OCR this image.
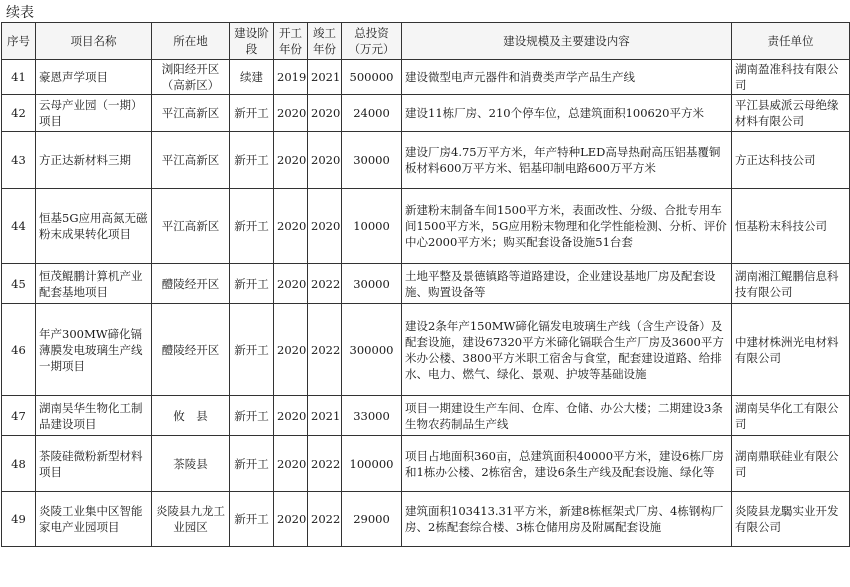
续表
序号	项目名称	所在地	建设阶段	开工年份	竣工年份	总投资（万元）	建设规模及主要建设内容	责任单位
41	豪恩声学项目	浏阳经开区（高新区）	续建	2019	2021	500000	建设微型电声元器件和消费类声学产品生产线	湖南盈准科技有限公司
42	云母产业园（一期）项目	平江高新区	新开工	2020	2020	24000	建设11栋厂房、210个停车位，总建筑面积100620平方米	平江县威派云母绝缘材料有限公司
43	方正达新材料三期	平江高新区	新开工	2020	2020	30000	建设厂房4.75万平方米，年产特种LED高导热耐高压铝基覆铜板材料600万平方米、铝基印制电路600万平方米	方正达科技公司
44	恒基5G应用高氮无磁粉末成果转化项目	平江高新区	新开工	2020	2020	10000	新建粉末制备车间1500平方米，表面改性、分级、合批专用车间1500平方米，5G应用粉末物理和化学性能检测、分析、评价中心2000平方米；购买配套设备设施51台套	恒基粉末科技公司
45	恒茂鲲鹏计算机产业配套基地项目	醴陵经开区	新开工	2020	2022	30000	土地平整及景德镇路等道路建设，企业建设基地厂房及配套设施、购置设备等	湖南湘江鲲鹏信息科技有限公司
46	年产300MW碲化镉薄膜发电玻璃生产线一期项目	醴陵经开区	新开工	2020	2022	300000	建设2条年产150MW碲化镉发电玻璃生产线（含生产设备）及配套设施，建设67320平方米碲化镉联合生产厂房及3600平方米办公楼、3800平方米职工宿舍与食堂，配套建设道路、给排水、电力、燃气、绿化、景观、护坡等基础设施	中建材株洲光电材料有限公司
47	湖南吴华生物化工制品建设项目	攸　县	新开工	2020	2021	33000	项目一期建设生产车间、仓库、仓储、办公大楼；二期建设3条生物农药制品生产线	湖南吴华化工有限公司
48	茶陵硅微粉新型材料项目	茶陵县	新开工	2020	2022	100000	项目占地面积360亩，总建筑面积40000平方米，建设6栋厂房和1栋办公楼、2栋宿舍，建设6条生产线及配套设施、绿化等	湖南鼎联硅业有限公司
49	炎陵工业集中区智能家电产业园项目	炎陵县九龙工业园区	新开工	2020	2022	29000	建筑面积103413.31平方米，新建8栋框架式厂房、4栋钢构厂房、2栋配套综合楼、3栋仓储用房及附属配套设施	炎陵县龙騔实业开发有限公司
